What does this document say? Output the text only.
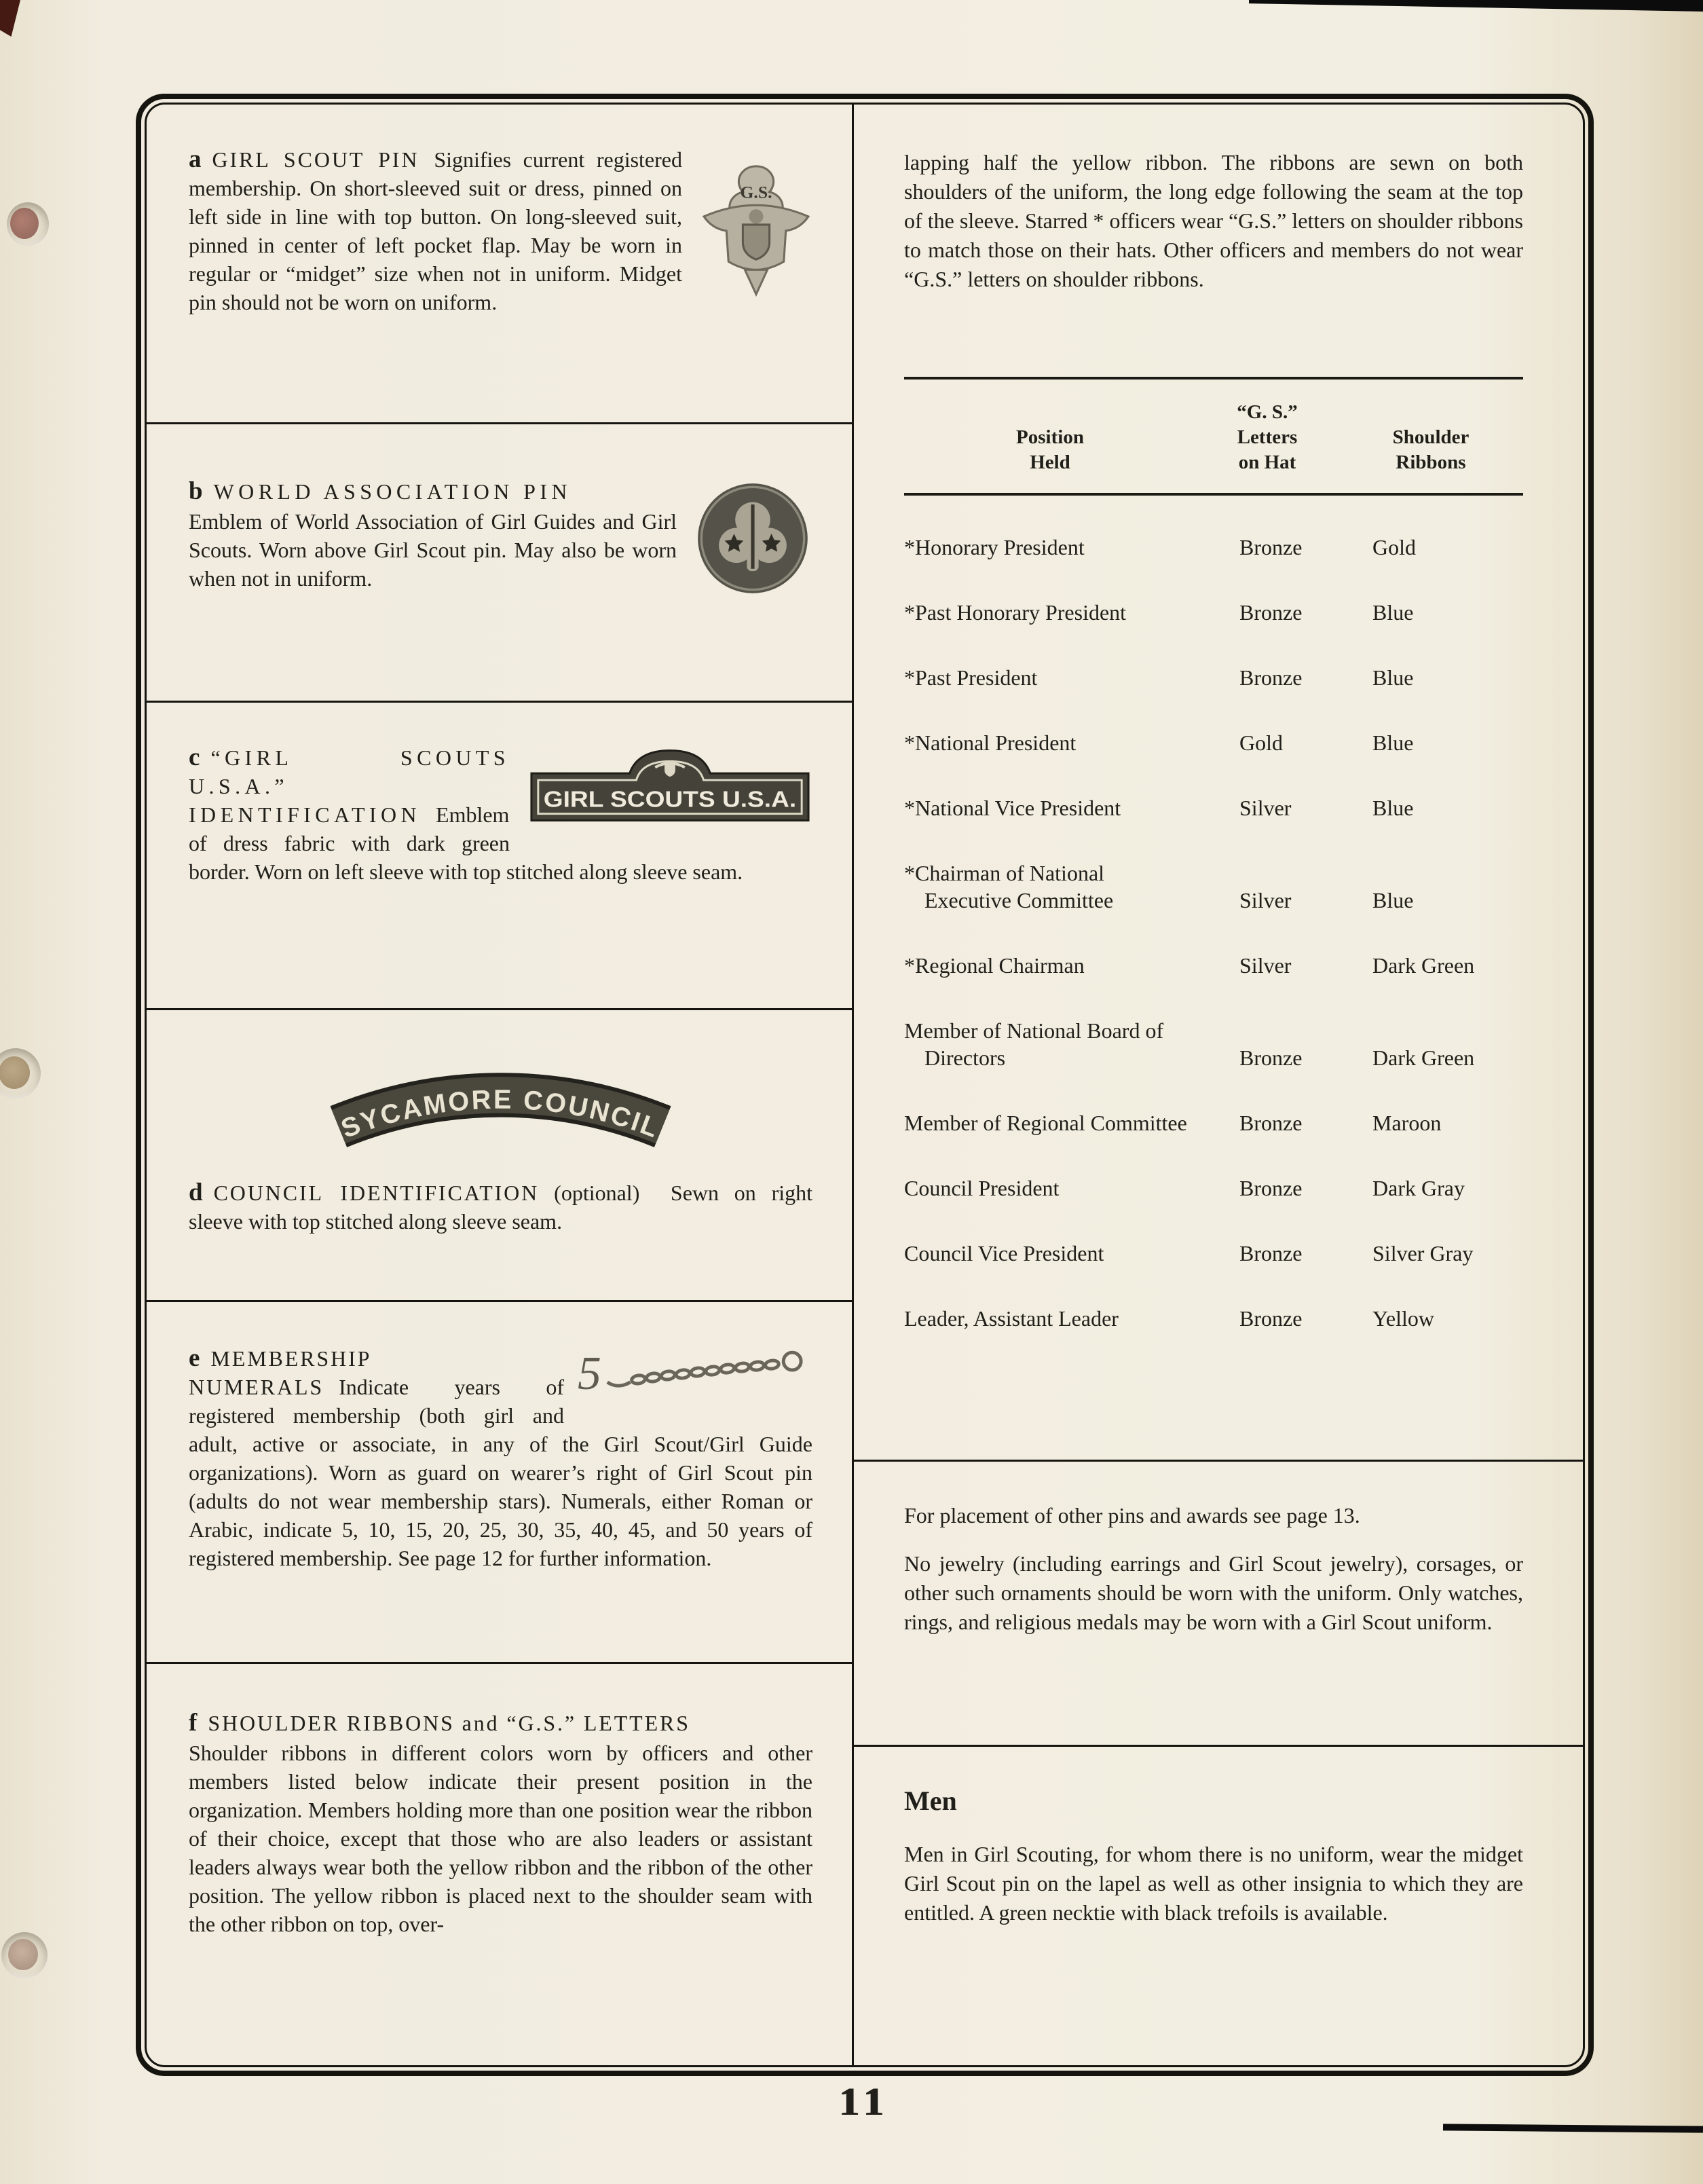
G.S.

a GIRL SCOUT PIN Signifies current registered membership. On short-sleeved suit or dress, pinned on left side in line with top button. On long-sleeved suit, pinned in center of left pocket flap. May be worn in regular or “midget” size when not in uniform. Midget pin should not be worn on uniform.

b WORLD ASSOCIATION PIN

Emblem of World Association of Girl Guides and Girl Scouts. Worn above Girl Scout pin. May also be worn when not in uniform.

GIRL SCOUTS U.S.A.

c “GIRL SCOUTS U.S.A.” IDENTIFICATION Emblem of dress fabric with dark green border. Worn on left sleeve with top stitched along sleeve seam.

SYCAMORE COUNCIL

d COUNCIL IDENTIFICATION (optional) Sewn on right sleeve with top stitched along sleeve seam.

5

e MEMBERSHIP NUMERALS Indicate years of registered membership (both girl and adult, active or associate, in any of the Girl Scout/Girl Guide organizations). Worn as guard on wearer’s right of Girl Scout pin (adults do not wear membership stars). Numerals, either Roman or Arabic, indicate 5, 10, 15, 20, 25, 30, 35, 40, 45, and 50 years of registered membership. See page 12 for further information.

f SHOULDER RIBBONS and “G.S.” LETTERS

Shoulder ribbons in different colors worn by officers and other members listed below indicate their present position in the organization. Members holding more than one position wear the ribbon of their choice, except that those who are also leaders or assistant leaders always wear both the yellow ribbon and the ribbon of the other position. The yellow ribbon is placed next to the shoulder seam with the other ribbon on top, over-

lapping half the yellow ribbon. The ribbons are sewn on both shoulders of the uniform, the long edge following the seam at the top of the sleeve. Starred * officers wear “G.S.” letters on shoulder ribbons to match those on their hats. Other officers and members do not wear “G.S.” letters on shoulder ribbons.

Position
Held
“G. S.”
Letters
on Hat
Shoulder
Ribbons
*Honorary President	Bronze	Gold
*Past Honorary President	Bronze	Blue
*Past President	Bronze	Blue
*National President	Gold	Blue
*National Vice President	Silver	Blue
*Chairman of National Executive Committee	Silver	Blue
*Regional Chairman	Silver	Dark Green
Member of National Board of Directors	Bronze	Dark Green
Member of Regional Committee	Bronze	Maroon
Council President	Bronze	Dark Gray
Council Vice President	Bronze	Silver Gray
Leader, Assistant Leader	Bronze	Yellow

For placement of other pins and awards see page 13.

No jewelry (including earrings and Girl Scout jewelry), corsages, or other such ornaments should be worn with the uniform. Only watches, rings, and religious medals may be worn with a Girl Scout uniform.

Men

Men in Girl Scouting, for whom there is no uniform, wear the midget Girl Scout pin on the lapel as well as other insignia to which they are entitled. A green necktie with black trefoils is available.

11
